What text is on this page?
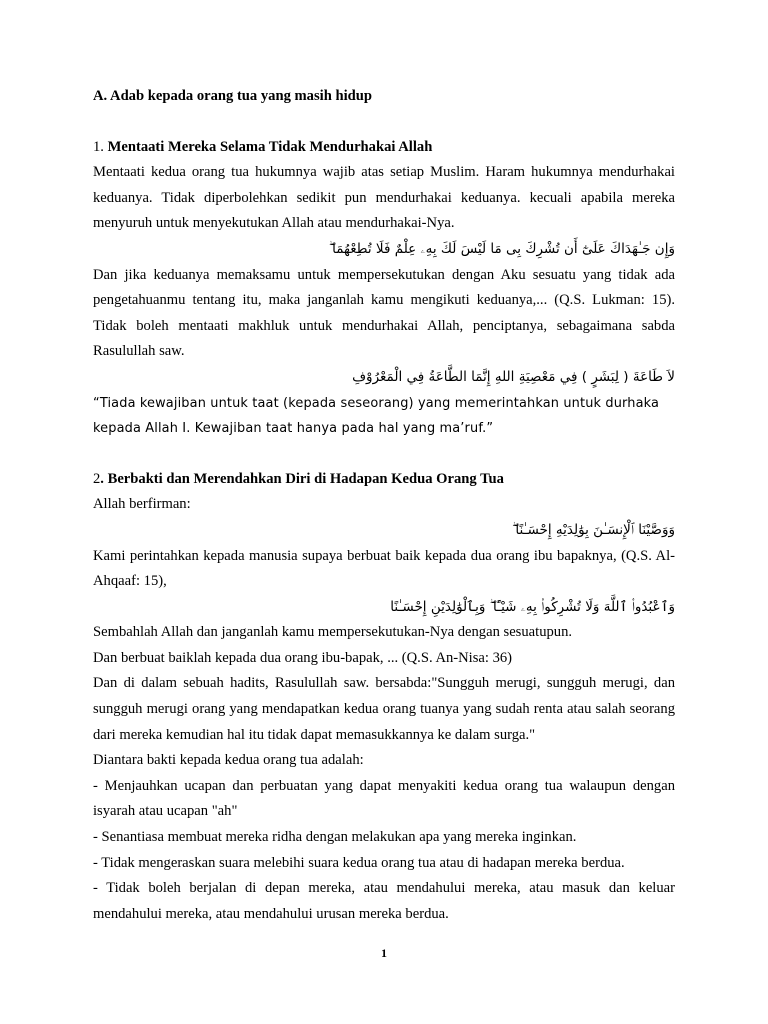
A. Adab kepada orang tua yang masih hidup

1. Mentaati Mereka Selama Tidak Mendurhakai Allah

Mentaati kedua orang tua hukumnya wajib atas setiap Muslim. Haram hukumnya mendurhakai keduanya. Tidak diperbolehkan sedikit pun mendurhakai keduanya. kecuali apabila mereka menyuruh untuk menyekutukan Allah atau mendurhakai-Nya.

وَإِن جَـٰهَدَاكَ عَلَىٰٓ أَن تُشْرِكَ بِى مَا لَيْسَ لَكَ بِهِۦ عِلْمٌ فَلَا تُطِعْهُمَا ۖ

Dan jika keduanya memaksamu untuk mempersekutukan dengan Aku sesuatu yang tidak ada pengetahuanmu tentang itu, maka janganlah kamu mengikuti keduanya,... (Q.S. Lukman: 15). Tidak boleh mentaati makhluk untuk mendurhakai Allah, penciptanya, sebagaimana sabda Rasulullah saw.

لاَ طَاعَةَ ( لِبَشَرٍ ) فِي مَعْصِيَةِ اللهِ إِنَّمَا الطَّاعَةُ فِي الْمَعْرُوْفِ

“Tiada kewajiban untuk taat (kepada seseorang) yang memerintahkan untuk durhaka kepada Allah I. Kewajiban taat hanya pada hal yang ma’ruf.”

2. Berbakti dan Merendahkan Diri di Hadapan Kedua Orang Tua

Allah berfirman:

وَوَصَّيْنَا ٱلْإِنسَـٰنَ بِوَٰلِدَيْهِ إِحْسَـٰنًا ۖ

Kami perintahkan kepada manusia supaya berbuat baik kepada dua orang ibu bapaknya, (Q.S. Al-Ahqaaf: 15),

وَٱعْبُدُوا۟ ٱللَّهَ وَلَا تُشْرِكُوا۟ بِهِۦ شَيْـًٔا ۖ وَبِٱلْوَٰلِدَيْنِ إِحْسَـٰنًا

Sembahlah Allah dan janganlah kamu mempersekutukan-Nya dengan sesuatupun.

Dan berbuat baiklah kepada dua orang ibu-bapak, ... (Q.S. An-Nisa: 36)

Dan di dalam sebuah hadits, Rasulullah saw. bersabda:"Sungguh merugi, sungguh merugi, dan sungguh merugi orang yang mendapatkan kedua orang tuanya yang sudah renta atau salah seorang dari mereka kemudian hal itu tidak dapat memasukkannya ke dalam surga."

Diantara bakti kepada kedua orang tua adalah:

- Menjauhkan ucapan dan perbuatan yang dapat menyakiti kedua orang tua walaupun dengan isyarah atau ucapan "ah"

- Senantiasa membuat mereka ridha dengan melakukan apa yang mereka inginkan.

- Tidak mengeraskan suara melebihi suara kedua orang tua atau di hadapan mereka berdua.

- Tidak boleh berjalan di depan mereka, atau mendahului mereka, atau masuk dan keluar mendahului mereka, atau mendahului urusan mereka berdua.

1
